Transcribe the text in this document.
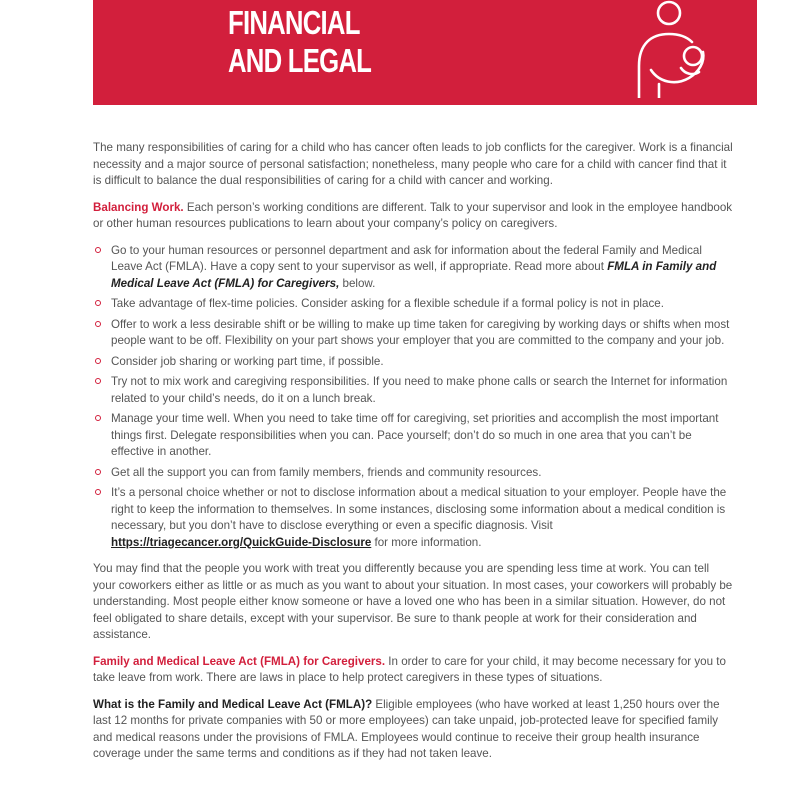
FINANCIAL
AND LEGAL

The many responsibilities of caring for a child who has cancer often leads to job conflicts for the caregiver. Work is a financial necessity and a major source of personal satisfaction; nonetheless, many people who care for a child with cancer find that it is difficult to balance the dual responsibilities of caring for a child with cancer and working.

Balancing Work. Each person’s working conditions are different. Talk to your supervisor and look in the employee handbook or other human resources publications to learn about your company’s policy on caregivers.

Go to your human resources or personnel department and ask for information about the federal Family and Medical Leave Act (FMLA). Have a copy sent to your supervisor as well, if appropriate. Read more about FMLA in Family and Medical Leave Act (FMLA) for Caregivers, below.
Take advantage of flex-time policies. Consider asking for a flexible schedule if a formal policy is not in place.
Offer to work a less desirable shift or be willing to make up time taken for caregiving by working days or shifts when most people want to be off. Flexibility on your part shows your employer that you are committed to the company and your job.
Consider job sharing or working part time, if possible.
Try not to mix work and caregiving responsibilities. If you need to make phone calls or search the Internet for information related to your child’s needs, do it on a lunch break.
Manage your time well. When you need to take time off for caregiving, set priorities and accomplish the most important things first. Delegate responsibilities when you can. Pace yourself; don’t do so much in one area that you can’t be effective in another.
Get all the support you can from family members, friends and community resources.
It’s a personal choice whether or not to disclose information about a medical situation to your employer. People have the right to keep the information to themselves. In some instances, disclosing some information about a medical condition is necessary, but you don’t have to disclose everything or even a specific diagnosis. Visit https://triagecancer.org/QuickGuide-Disclosure for more information.

You may find that the people you work with treat you differently because you are spending less time at work. You can tell your coworkers either as little or as much as you want to about your situation. In most cases, your coworkers will probably be understanding. Most people either know someone or have a loved one who has been in a similar situation. However, do not feel obligated to share details, except with your supervisor. Be sure to thank people at work for their consideration and assistance.

Family and Medical Leave Act (FMLA) for Caregivers. In order to care for your child, it may become necessary for you to take leave from work. There are laws in place to help protect caregivers in these types of situations.

What is the Family and Medical Leave Act (FMLA)? Eligible employees (who have worked at least 1,250 hours over the last 12 months for private companies with 50 or more employees) can take unpaid, job-protected leave for specified family and medical reasons under the provisions of FMLA. Employees would continue to receive their group health insurance coverage under the same terms and conditions as if they had not taken leave.
